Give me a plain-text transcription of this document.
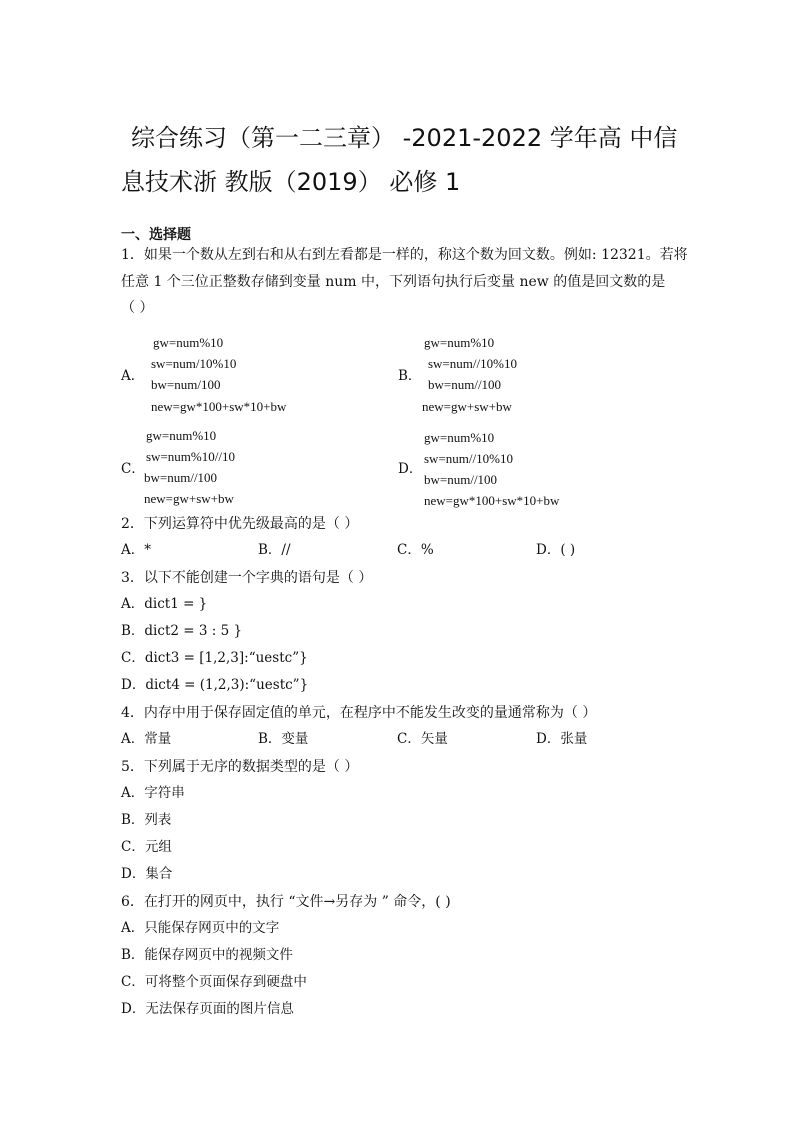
综合练习（第一二三章） -2021-2022 学年高 中信
息技术浙 教版（2019） 必修 1
一、选择题
1．如果一个数从左到右和从右到左看都是一样的，称这个数为回文数。例如: 12321。若将
任意 1 个三位正整数存储到变量 num 中，下列语句执行后变量 new 的值是回文数的是
（ ）
A．
gw=num%10
sw=num/10%10
bw=num/100
new=gw*100+sw*10+bw
B．
gw=num%10
sw=num//10%10
bw=num//100
new=gw+sw+bw
C．
gw=num%10
sw=num%10//10
bw=num//100
new=gw+sw+bw
D．
gw=num%10
sw=num//10%10
bw=num//100
new=gw*100+sw*10+bw
2．下列运算符中优先级最高的是（ ）
A．*	B．//	C．%	D．( )
3．以下不能创建一个字典的语句是（ ）
A．dict1 = }
B．dict2 = 3 : 5 }
C．dict3 = [1,2,3]:“uestc”}
D．dict4 = (1,2,3):“uestc”}
4．内存中用于保存固定值的单元，在程序中不能发生改变的量通常称为（ ）
A．常量	B．变量	C．矢量	D．张量
5．下列属于无序的数据类型的是（ ）
A．字符串
B．列表
C．元组
D．集合
6．在打开的网页中，执行 “文件→另存为 ” 命令，( )
A．只能保存网页中的文字
B．能保存网页中的视频文件
C．可将整个页面保存到硬盘中
D．无法保存页面的图片信息
